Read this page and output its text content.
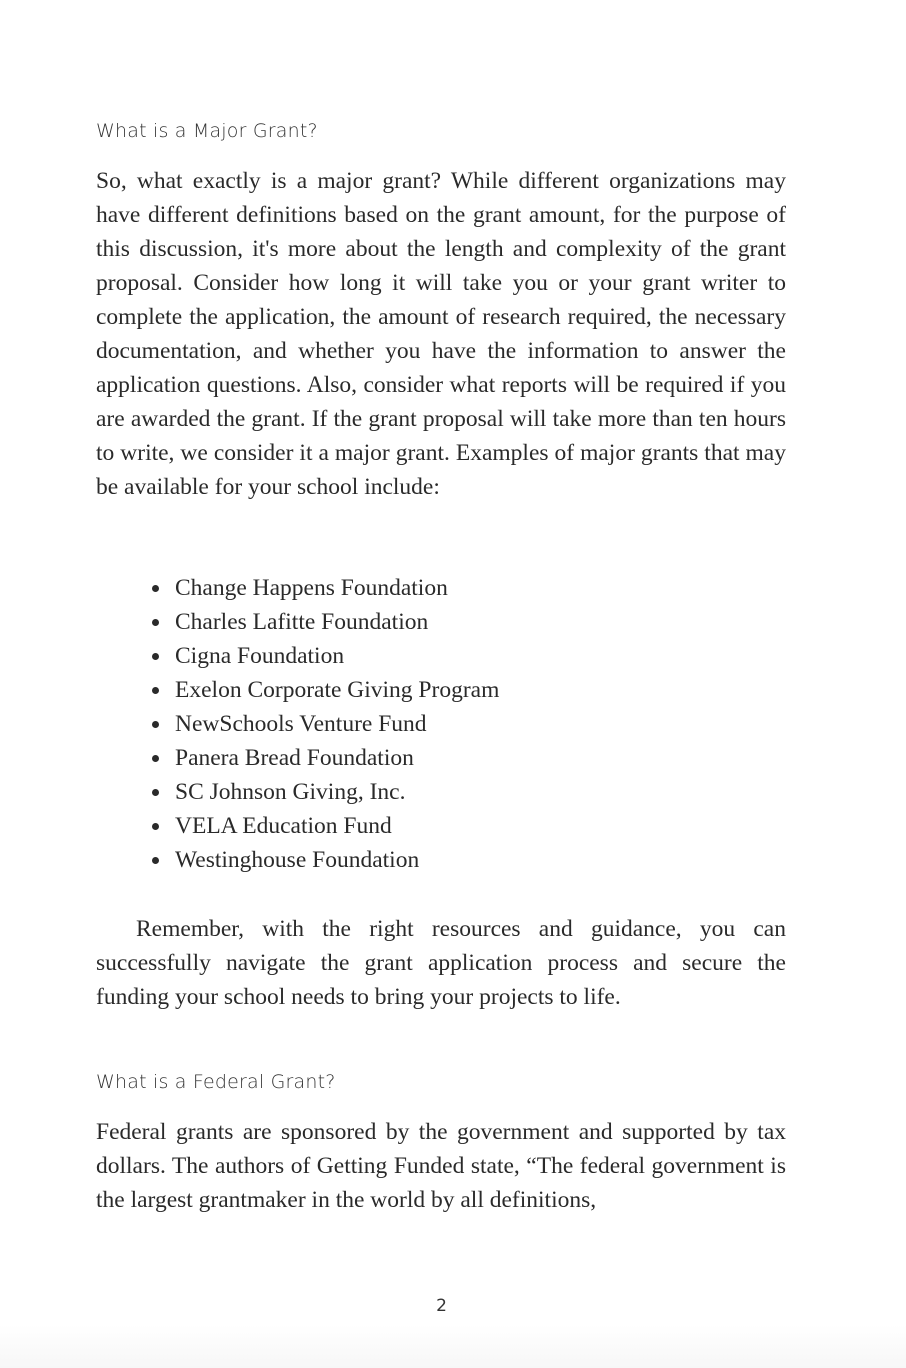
What is a Major Grant?

So, what exactly is a major grant? While different organizations may have different definitions based on the grant amount, for the purpose of this discussion, it's more about the length and complexity of the grant proposal. Consider how long it will take you or your grant writer to complete the application, the amount of research required, the necessary documentation, and whether you have the information to answer the application questions. Also, consider what reports will be required if you are awarded the grant. If the grant proposal will take more than ten hours to write, we consider it a major grant. Examples of major grants that may be available for your school include:

Change Happens Foundation
Charles Lafitte Foundation
Cigna Foundation
Exelon Corporate Giving Program
NewSchools Venture Fund
Panera Bread Foundation
SC Johnson Giving, Inc.
VELA Education Fund
Westinghouse Foundation

Remember, with the right resources and guidance, you can successfully navigate the grant application process and secure the funding your school needs to bring your projects to life.

What is a Federal Grant?

Federal grants are sponsored by the government and supported by tax dollars. The authors of Getting Funded state, “The federal government is the largest grantmaker in the world by all definitions,

2
